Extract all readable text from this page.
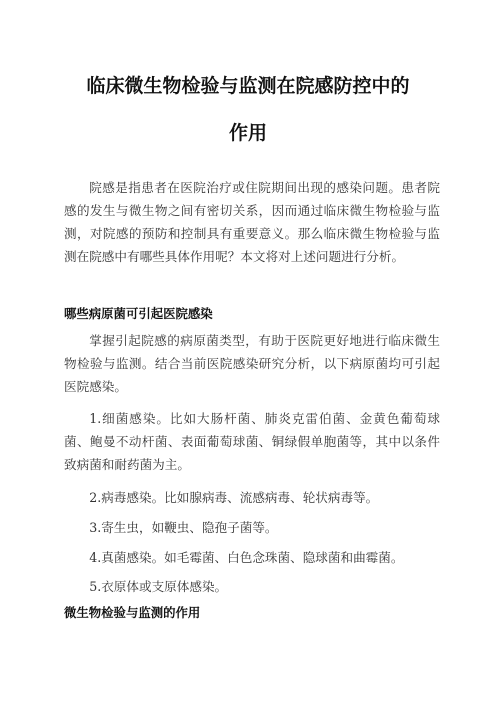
临床微生物检验与监测在院感防控中的
作用

院感是指患者在医院治疗或住院期间出现的感染问题。患者院感的发生与微生物之间有密切关系，因而通过临床微生物检验与监测，对院感的预防和控制具有重要意义。那么临床微生物检验与监测在院感中有哪些具体作用呢？本文将对上述问题进行分析。

哪些病原菌可引起医院感染

掌握引起院感的病原菌类型，有助于医院更好地进行临床微生物检验与监测。结合当前医院感染研究分析，以下病原菌均可引起医院感染。

1.细菌感染。比如大肠杆菌、肺炎克雷伯菌、金黄色葡萄球菌、鲍曼不动杆菌、表面葡萄球菌、铜绿假单胞菌等，其中以条件致病菌和耐药菌为主。

2.病毒感染。比如腺病毒、流感病毒、轮状病毒等。

3.寄生虫，如鞭虫、隐孢子菌等。

4.真菌感染。如毛霉菌、白色念珠菌、隐球菌和曲霉菌。

5.衣原体或支原体感染。

微生物检验与监测的作用
